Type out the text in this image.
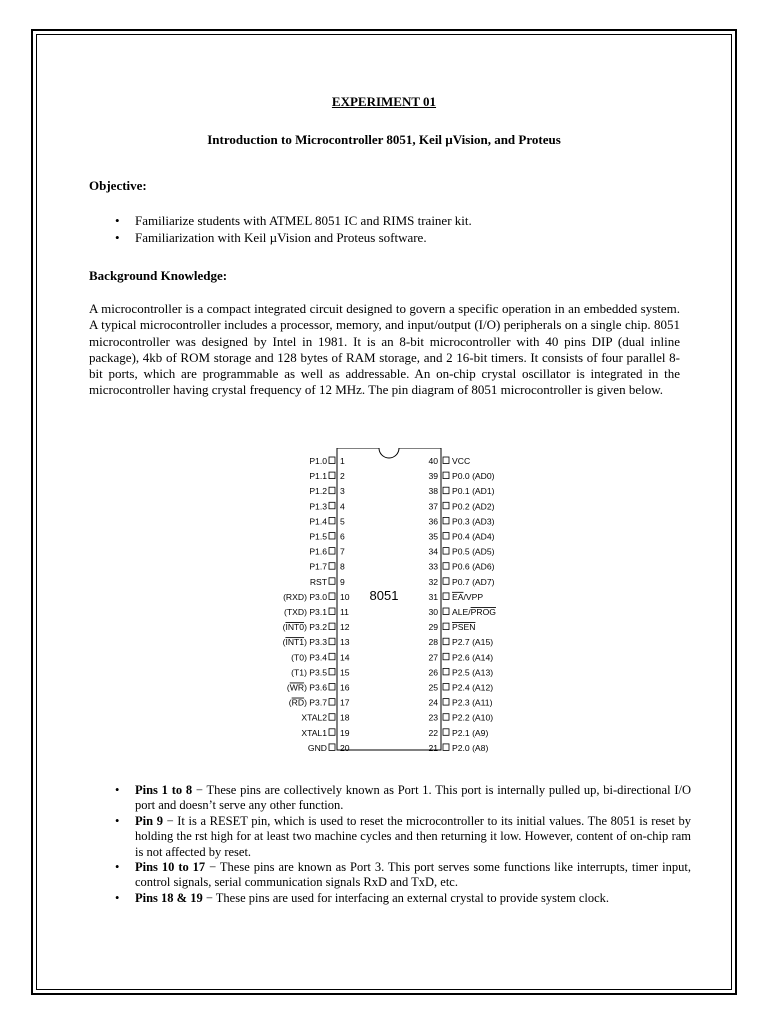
EXPERIMENT 01
Introduction to Microcontroller 8051, Keil µVision, and Proteus
Objective:
• Familiarize students with ATMEL 8051 IC and RIMS trainer kit.
• Familiarization with Keil µVision and Proteus software.
Background Knowledge:

A microcontroller is a compact integrated circuit designed to govern a specific operation in an embedded system. A typical microcontroller includes a processor, memory, and input/output (I/O) peripherals on a single chip. 8051 microcontroller was designed by Intel in 1981. It is an 8-bit microcontroller with 40 pins DIP (dual inline package), 4kb of ROM storage and 128 bytes of RAM storage, and 2 16-bit timers. It consists of four parallel 8-bit ports, which are programmable as well as addressable. An on-chip crystal oscillator is integrated in the microcontroller having crystal frequency of 12 MHz. The pin diagram of 8051 microcontroller is given below.

8051
P1.0 1
P1.1 2
P1.2 3
P1.3 4
P1.4 5
P1.5 6
P1.6 7
P1.7 8
RST 9
(RXD) P3.0 10
(TXD) P3.1 11
(INT0) P3.2 12
(INT1) P3.3 13
(T0) P3.4 14
(T1) P3.5 15
(WR) P3.6 16
(RD) P3.7 17
XTAL2 18
XTAL1 19
GND 20
40 VCC
39 P0.0 (AD0)
38 P0.1 (AD1)
37 P0.2 (AD2)
36 P0.3 (AD3)
35 P0.4 (AD4)
34 P0.5 (AD5)
33 P0.6 (AD6)
32 P0.7 (AD7)
31 EA/VPP
30 ALE/PROG
29 PSEN
28 P2.7 (A15)
27 P2.6 (A14)
26 P2.5 (A13)
25 P2.4 (A12)
24 P2.3 (A11)
23 P2.2 (A10)
22 P2.1 (A9)
21 P2.0 (A8)
• Pins 1 to 8 − These pins are collectively known as Port 1. This port is internally pulled up, bi-directional I/O port and doesn’t serve any other function.
• Pin 9 − It is a RESET pin, which is used to reset the microcontroller to its initial values. The 8051 is reset by holding the rst high for at least two machine cycles and then returning it low. However, content of on-chip ram is not affected by reset.
• Pins 10 to 17 − These pins are known as Port 3. This port serves some functions like interrupts, timer input, control signals, serial communication signals RxD and TxD, etc.
• Pins 18 & 19 − These pins are used for interfacing an external crystal to provide system clock.
